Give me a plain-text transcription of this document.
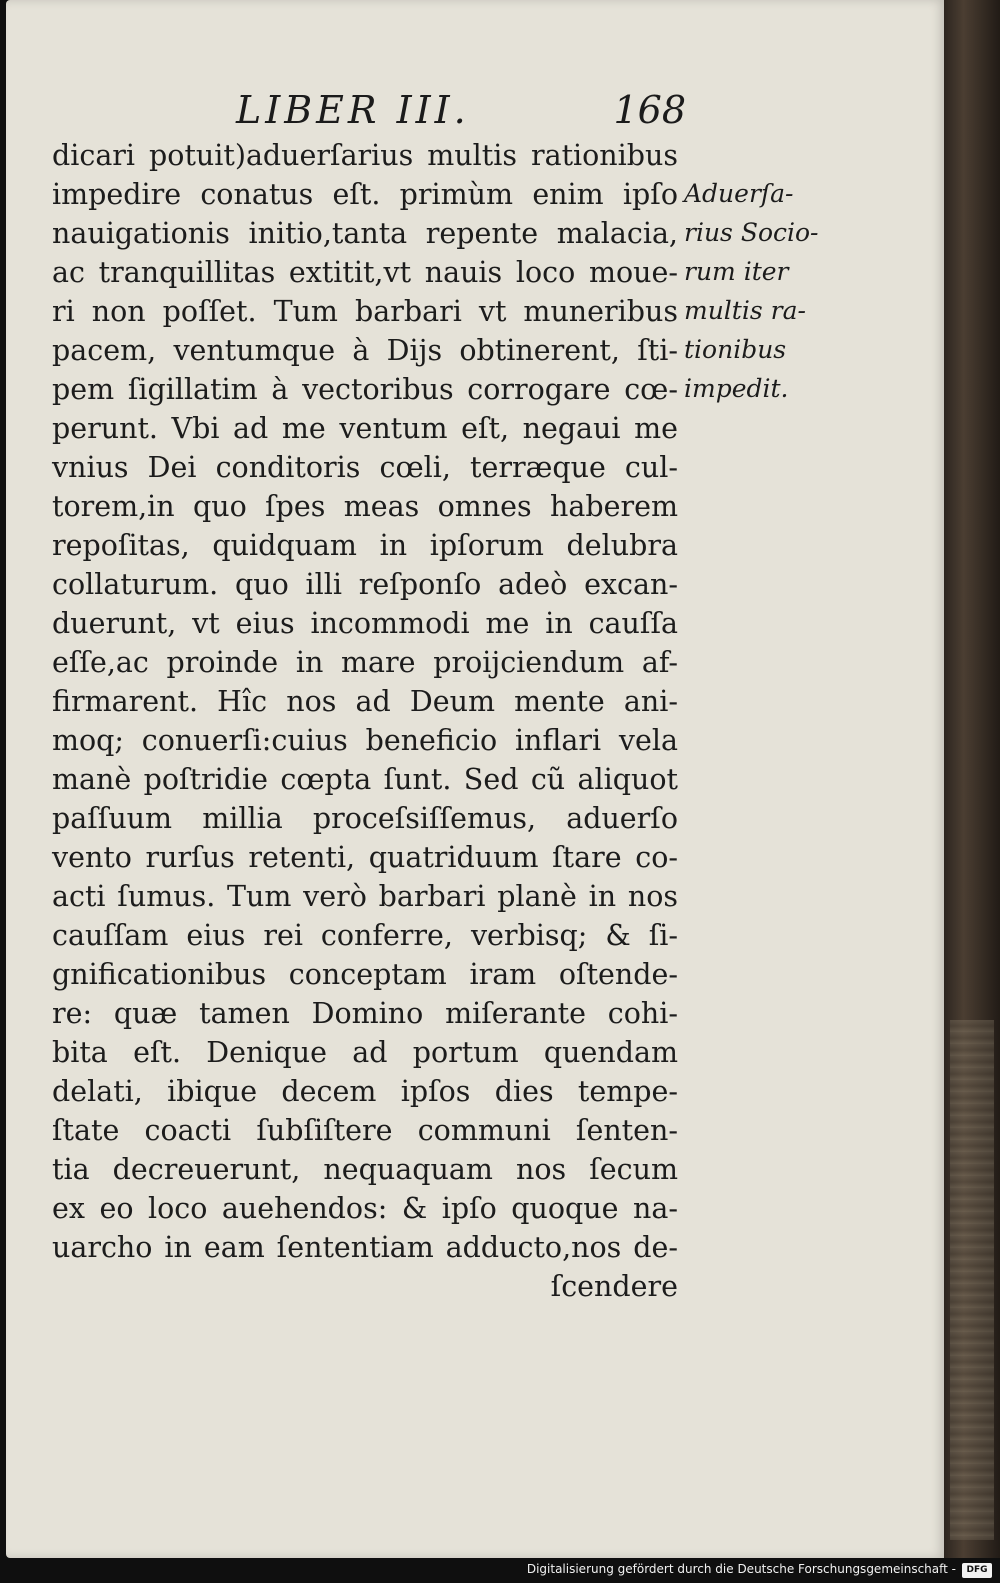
LIBER III.	168
dicari potuit)aduerſarius multis rationibus
impedire conatus eſt. primùm enim ipſo
nauigationis initio,tanta repente malacia,
ac tranquillitas extitit,vt nauis loco moue-
ri non poſſet. Tum barbari vt muneribus
pacem, ventumque à Dijs obtinerent, ſti-
pem ſigillatim à vectoribus corrogare cœ-
perunt. Vbi ad me ventum eſt, negaui me
vnius Dei conditoris cœli, terræque cul-
torem,in quo ſpes meas omnes haberem
repoſitas, quidquam in ipſorum delubra
collaturum. quo illi reſponſo adeò excan-
duerunt, vt eius incommodi me in cauſſa
eſſe,ac proinde in mare proijciendum af-
firmarent. Hîc nos ad Deum mente ani-
moq; conuerſi:cuius beneficio inflari vela
manè poſtridie cœpta ſunt. Sed cũ aliquot
paſſuum millia proceſsiſſemus, aduerſo
vento rurſus retenti, quatriduum ſtare co-
acti ſumus. Tum verò barbari planè in nos
cauſſam eius rei conferre, verbisq; & ſi-
gnificationibus conceptam iram oſtende-
re: quæ tamen Domino miſerante cohi-
bita eſt. Denique ad portum quendam
delati, ibique decem ipſos dies tempe-
ſtate coacti ſubſiſtere communi ſenten-
tia decreuerunt, nequaquam nos ſecum
ex eo loco auehendos: & ipſo quoque na-
uarcho in eam ſententiam adducto,nos de-
ſcendere
Aduerſa-
rius Socio-
rum iter
multis ra-
tionibus
impedit.
Digitalisierung gefördert durch die Deutsche Forschungsgemeinschaft -	DFG
